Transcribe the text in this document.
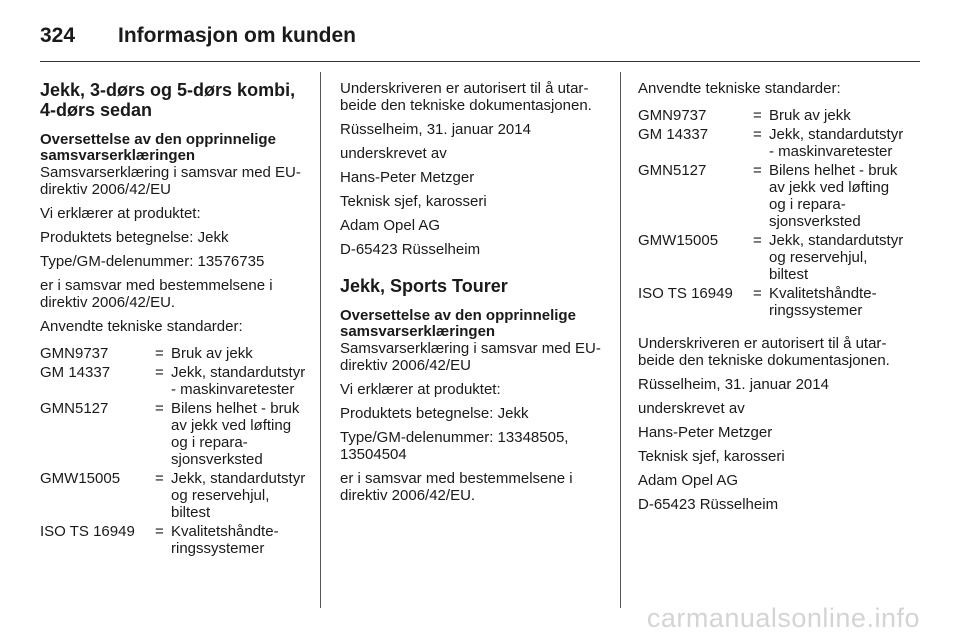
324	Informasjon om kunden
Jekk, 3-dørs og 5-dørs kombi, 4-dørs sedan
Oversettelse av den opprinnelige samsvarserklæringen

Samsvarserklæring i samsvar med EU-direktiv 2006/42/EU

Vi erklærer at produktet:

Produktets betegnelse: Jekk

Type/GM-delenummer: 13576735

er i samsvar med bestemmelsene i direktiv 2006/42/EU.

Anvendte tekniske standarder:

GMN9737	=	Bruk av jekk
GM 14337	=	Jekk, standardutstyr - maskinvaretester
GMN5127	=	Bilens helhet - bruk av jekk ved løfting og i reparasjonsverksted
GMW15005	=	Jekk, standardutstyr og reservehjul, biltest
ISO TS 16949	=	Kvalitetshåndteringssystemer

Underskriveren er autorisert til å utarbeide den tekniske dokumentasjonen.

Rüsselheim, 31. januar 2014

underskrevet av

Hans-Peter Metzger

Teknisk sjef, karosseri

Adam Opel AG

D-65423 Rüsselheim

Jekk, Sports Tourer
Oversettelse av den opprinnelige samsvarserklæringen

Samsvarserklæring i samsvar med EU-direktiv 2006/42/EU

Vi erklærer at produktet:

Produktets betegnelse: Jekk

Type/GM-delenummer: 13348505, 13504504

er i samsvar med bestemmelsene i direktiv 2006/42/EU.

Anvendte tekniske standarder:

GMN9737	=	Bruk av jekk
GM 14337	=	Jekk, standardutstyr - maskinvaretester
GMN5127	=	Bilens helhet - bruk av jekk ved løfting og i reparasjonsverksted
GMW15005	=	Jekk, standardutstyr og reservehjul, biltest
ISO TS 16949	=	Kvalitetshåndteringssystemer

Underskriveren er autorisert til å utarbeide den tekniske dokumentasjonen.

Rüsselheim, 31. januar 2014

underskrevet av

Hans-Peter Metzger

Teknisk sjef, karosseri

Adam Opel AG

D-65423 Rüsselheim

carmanualsonline.info
